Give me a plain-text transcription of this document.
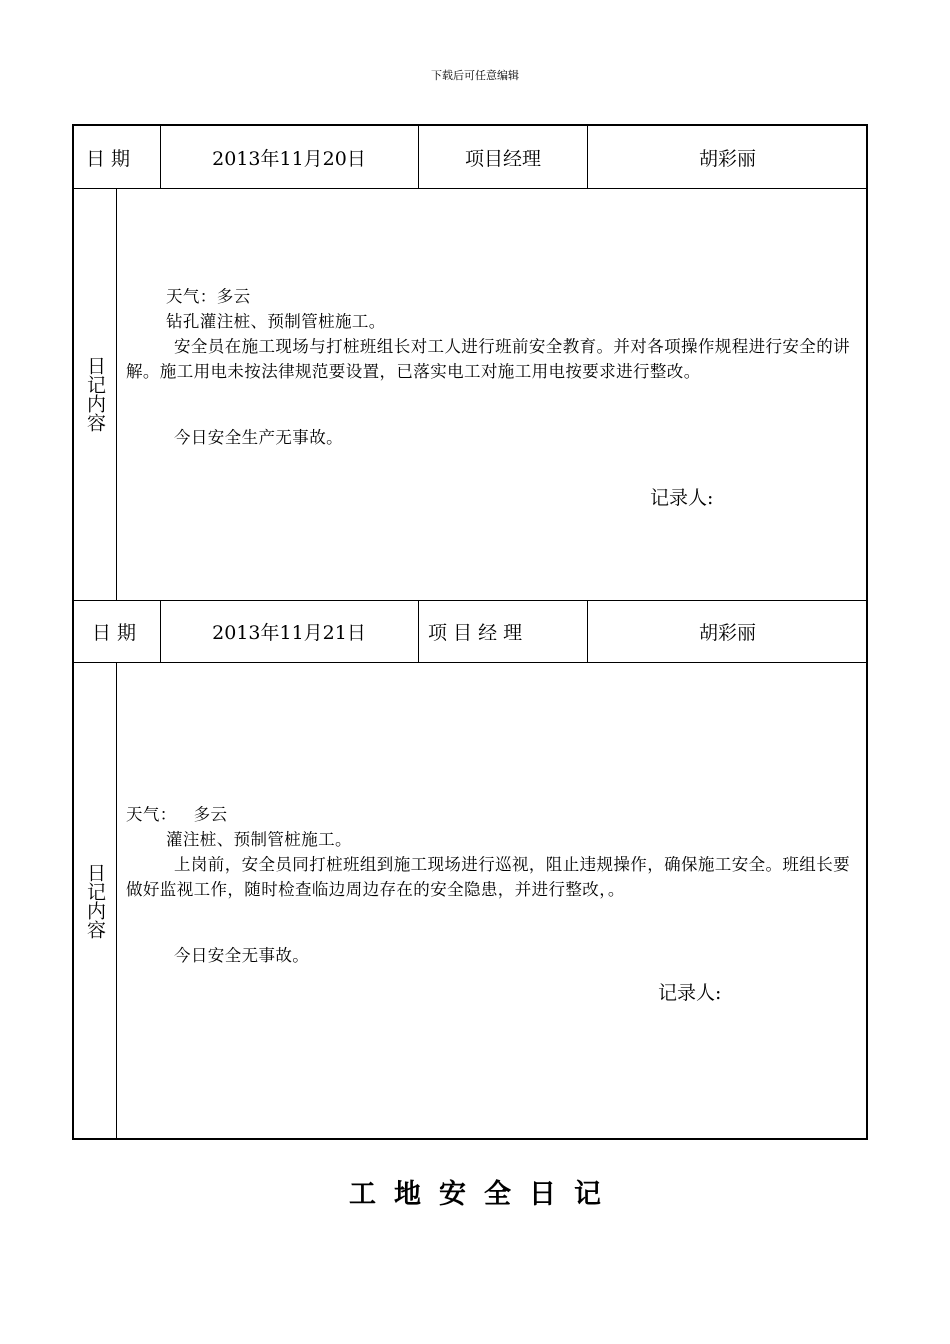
下载后可任意编辑
日 期	2013年11月20日	项目经理	胡彩丽
日记内容

天气：多云

钻孔灌注桩、预制管桩施工。

安全员在施工现场与打桩班组长对工人进行班前安全教育。并对各项操作规程进行安全的讲解。施工用电未按法律规范要设置，已落实电工对施工用电按要求进行整改。

今日安全生产无事故。

记录人:
日 期	2013年11月21日	项 目 经 理	胡彩丽
日记内容

天气：   多云

灌注桩、预制管桩施工。

上岗前，安全员同打桩班组到施工现场进行巡视，阻止违规操作，确保施工安全。班组长要做好监视工作，随时检查临边周边存在的安全隐患，并进行整改，。

今日安全无事故。

记录人:
工地安全日记
